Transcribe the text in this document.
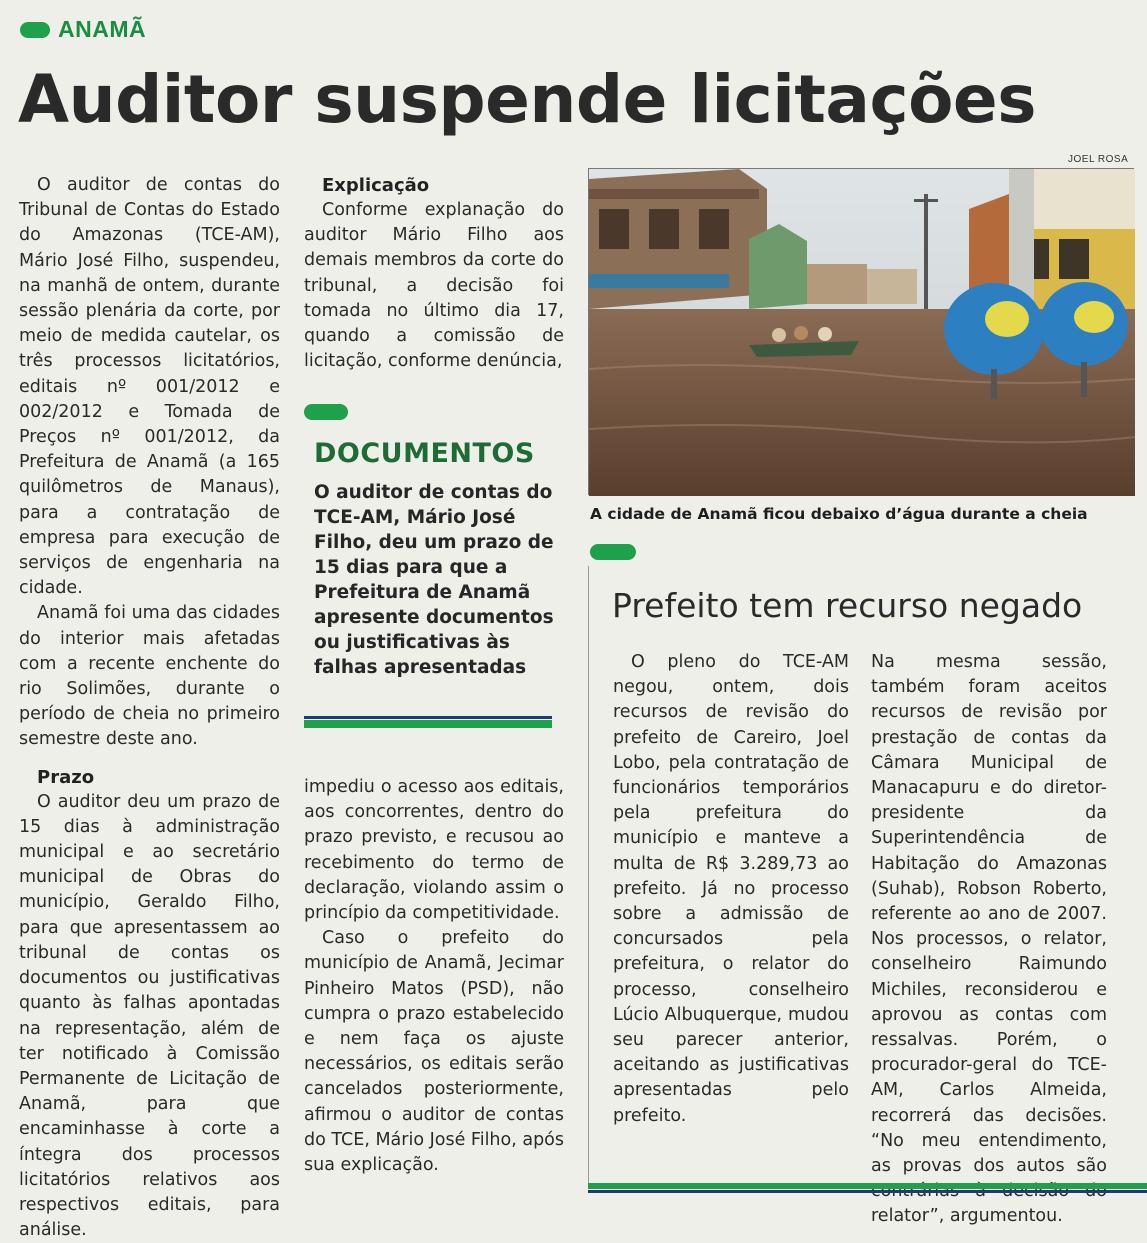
ANAMÃ
Auditor suspende licitações

O auditor de contas do Tribunal de Contas do Estado do Amazonas (TCE-AM), Mário José Filho, suspendeu, na manhã de ontem, durante sessão plenária da corte, por meio de medida cautelar, os três processos licitatórios, editais nº 001/2012 e 002/2012 e Tomada de Preços nº 001/2012, da Prefeitura de Anamã (a 165 quilômetros de Manaus), para a contratação de empresa para execução de serviços de engenharia na cidade.

Anamã foi uma das cidades do interior mais afetadas com a recente enchente do rio Solimões, durante o período de cheia no primeiro semestre deste ano.

Prazo

O auditor deu um prazo de 15 dias à administração municipal e ao secretário municipal de Obras do município, Geraldo Filho, para que apresentassem ao tribunal de contas os documentos ou justificativas quanto às falhas apontadas na representação, além de ter notificado à Comissão Permanente de Licitação de Anamã, para que encaminhasse à corte a íntegra dos processos licitatórios relativos aos respectivos editais, para análise.

Explicação

Conforme explanação do auditor Mário Filho aos demais membros da corte do tribunal, a decisão foi tomada no último dia 17, quando a comissão de licitação, conforme denúncia,

DOCUMENTOS
O auditor de contas do TCE-AM, Mário José Filho, deu um prazo de 15 dias para que a Prefeitura de Anamã apresente documentos ou justificativas às falhas apresentadas

impediu o acesso aos editais, aos concorrentes, dentro do prazo previsto, e recusou ao recebimento do termo de declaração, violando assim o princípio da competitividade.

Caso o prefeito do município de Anamã, Jecimar Pinheiro Matos (PSD), não cumpra o prazo estabelecido e nem faça os ajuste necessários, os editais serão cancelados posteriormente, afirmou o auditor de contas do TCE, Mário José Filho, após sua explicação.

JOEL ROSA
A cidade de Anamã ficou debaixo d’água durante a cheia
Prefeito tem recurso negado

O pleno do TCE-AM negou, ontem, dois recursos de revisão do prefeito de Careiro, Joel Lobo, pela contratação de funcionários temporários pela prefeitura do município e manteve a multa de R$ 3.289,73 ao prefeito. Já no processo sobre a admissão de concursados pela prefeitura, o relator do processo, conselheiro Lúcio Albuquerque, mudou seu parecer anterior, aceitando as justificativas apresentadas pelo prefeito.

Na mesma sessão, também foram aceitos recursos de revisão por prestação de contas da Câmara Municipal de Manacapuru e do diretor-presidente da Superintendência de Habitação do Amazonas (Suhab), Robson Roberto, referente ao ano de 2007. Nos processos, o relator, conselheiro Raimundo Michiles, reconsiderou e aprovou as contas com ressalvas. Porém, o procurador-geral do TCE-AM, Carlos Almeida, recorrerá das decisões. “No meu entendimento, as provas dos autos são relator”, argumentou.
